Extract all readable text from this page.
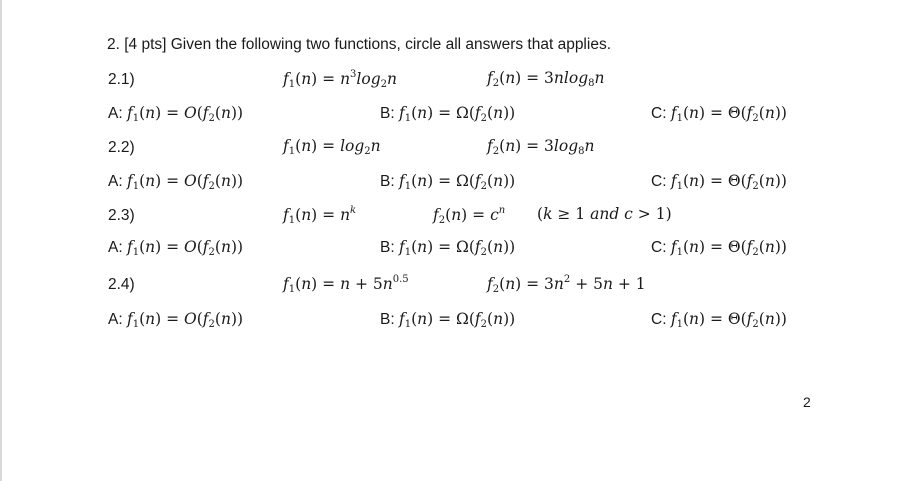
2. [4 pts] Given the following two functions, circle all answers that applies.
2.1)	$f_1(n) = n^3\log_2n$	$f_2(n) = 3nlog_8n$
A: $f_1(n) = O(f_2(n))$	B: $f_1(n) = \Omega(f_2(n))$	C: $f_1(n) = \Theta(f_2(n))$
2.2)	$f_1(n) = \log_2n$	$f_2(n) = 3\log_8n$
A: $f_1(n) = O(f_2(n))$	B: $f_1(n) = \Omega(f_2(n))$	C: $f_1(n) = \Theta(f_2(n))$
2.3)	$f_1(n) = n^k$	$f_2(n) = c^n$ (k ≥ 1 and c > 1)
A: $f_1(n) = O(f_2(n))$	B: $f_1(n) = \Omega(f_2(n))$	C: $f_1(n) = \Theta(f_2(n))$
2.4)	$f_1(n) = n + 5n^{0.5}$	$f_2(n) = 3n^2 + 5n + 1$
A: $f_1(n) = O(f_2(n))$	B: $f_1(n) = \Omega(f_2(n))$	C: $f_1(n) = \Theta(f_2(n))$
2
